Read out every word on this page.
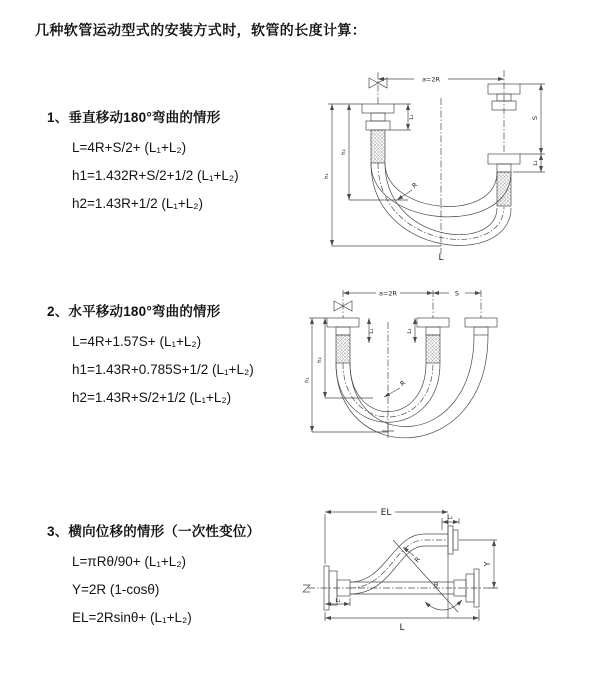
几种软管运动型式的安装方式时，软管的长度计算：
1、垂直移动180°弯曲的情形
L=4R+S/2+ (L₁+L₂)
h1=1.432R+S/2+1/2 (L₁+L₂)
h2=1.43R+1/2 (L₁+L₂)
2、水平移动180°弯曲的情形
L=4R+1.57S+ (L₁+L₂)
h1=1.43R+0.785S+1/2 (L₁+L₂)
h2=1.43R+S/2+1/2 (L₁+L₂)
3、横向位移的情形（一次性变位）
L=πRθ/90+ (L₁+L₂)
Y=2R (1-cosθ)
EL=2Rsinθ+ (L₁+L₂)
a=2R
S
L₂
L₁
h₂
h₁
R
L
a=2R	S
L₁	L₂
h₂
h₁	R
EL	L₂
Y
L
L₁
R
θ
